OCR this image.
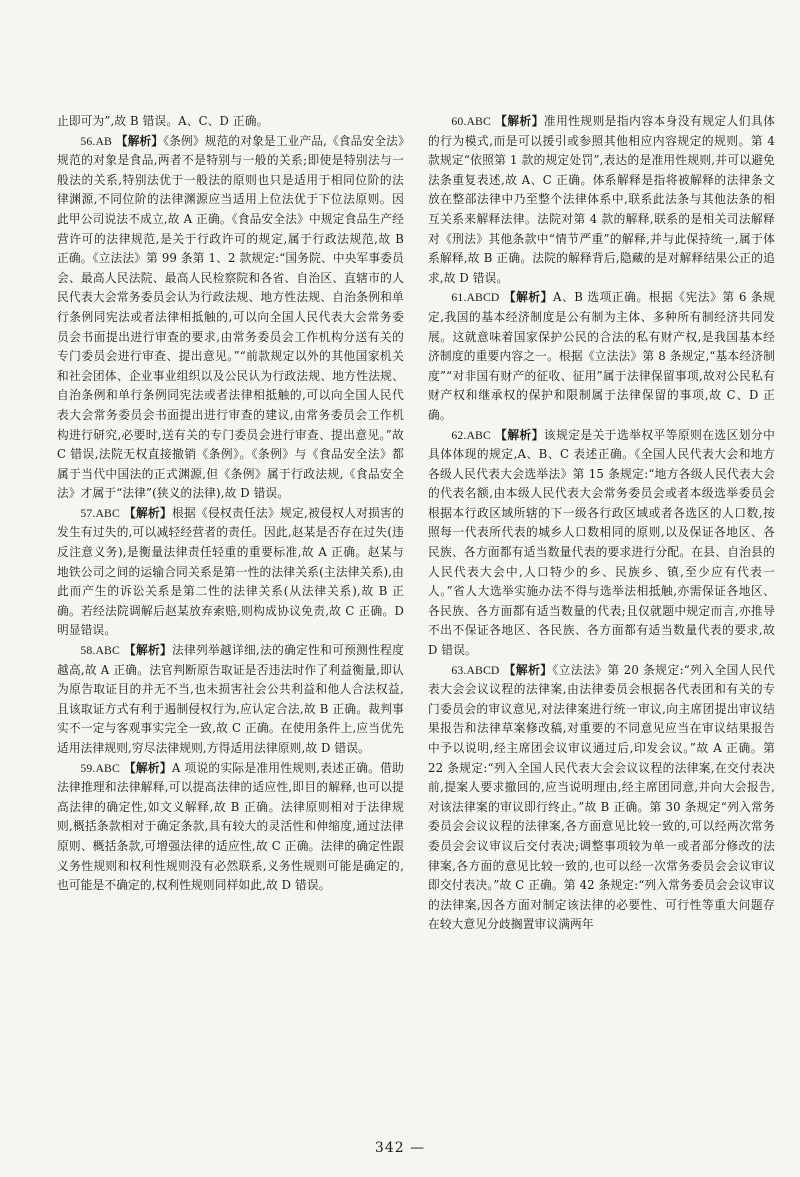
止即可为”,故 B 错误。A、C、D 正确。

56.AB 【解析】《条例》规范的对象是工业产品,《食品安全法》规范的对象是食品,两者不是特别与一般的关系;即使是特别法与一般法的关系,特别法优于一般法的原则也只是适用于相同位阶的法律渊源,不同位阶的法律渊源应当适用上位法优于下位法原则。因此甲公司说法不成立,故 A 正确。《食品安全法》中规定食品生产经营许可的法律规范,是关于行政许可的规定,属于行政法规范,故 B 正确。《立法法》第 99 条第 1、2 款规定:“国务院、中央军事委员会、最高人民法院、最高人民检察院和各省、自治区、直辖市的人民代表大会常务委员会认为行政法规、地方性法规、自治条例和单行条例同宪法或者法律相抵触的,可以向全国人民代表大会常务委员会书面提出进行审查的要求,由常务委员会工作机构分送有关的专门委员会进行审查、提出意见。”“前款规定以外的其他国家机关和社会团体、企业事业组织以及公民认为行政法规、地方性法规、自治条例和单行条例同宪法或者法律相抵触的,可以向全国人民代表大会常务委员会书面提出进行审查的建议,由常务委员会工作机构进行研究,必要时,送有关的专门委员会进行审查、提出意见。”故 C 错误,法院无权直接撤销《条例》。《条例》与《食品安全法》都属于当代中国法的正式渊源,但《条例》属于行政法规,《食品安全法》才属于“法律”(狭义的法律),故 D 错误。

57.ABC 【解析】根据《侵权责任法》规定,被侵权人对损害的发生有过失的,可以减轻经营者的责任。因此,赵某是否存在过失(违反注意义务),是衡量法律责任轻重的重要标准,故 A 正确。赵某与地铁公司之间的运输合同关系是第一性的法律关系(主法律关系),由此而产生的诉讼关系是第二性的法律关系(从法律关系),故 B 正确。若经法院调解后赵某放弃索赔,则构成协议免责,故 C 正确。D 明显错误。

58.ABC 【解析】法律列举越详细,法的确定性和可预测性程度越高,故 A 正确。法官判断原告取证是否违法时作了利益衡量,即认为原告取证目的并无不当,也未损害社会公共利益和他人合法权益,且该取证方式有利于遏制侵权行为,应认定合法,故 B 正确。裁判事实不一定与客观事实完全一致,故 C 正确。在使用条件上,应当优先适用法律规则,穷尽法律规则,方得适用法律原则,故 D 错误。

59.ABC 【解析】A 项说的实际是准用性规则,表述正确。借助法律推理和法律解释,可以提高法律的适应性,即目的解释,也可以提高法律的确定性,如文义解释,故 B 正确。法律原则相对于法律规则,概括条款相对于确定条款,具有较大的灵活性和伸缩度,通过法律原则、概括条款,可增强法律的适应性,故 C 正确。法律的确定性跟义务性规则和权利性规则没有必然联系,义务性规则可能是确定的,也可能是不确定的,权利性规则同样如此,故 D 错误。

60.ABC 【解析】准用性规则是指内容本身没有规定人们具体的行为模式,而是可以援引或参照其他相应内容规定的规则。第 4 款规定“依照第 1 款的规定处罚”,表达的是准用性规则,并可以避免法条重复表述,故 A、C 正确。体系解释是指将被解释的法律条文放在整部法律中乃至整个法律体系中,联系此法条与其他法条的相互关系来解释法律。法院对第 4 款的解释,联系的是相关司法解释对《刑法》其他条款中“情节严重”的解释,并与此保持统一,属于体系解释,故 B 正确。法院的解释背后,隐藏的是对解释结果公正的追求,故 D 错误。

61.ABCD 【解析】A、B 选项正确。根据《宪法》第 6 条规定,我国的基本经济制度是公有制为主体、多种所有制经济共同发展。这就意味着国家保护公民的合法的私有财产权,是我国基本经济制度的重要内容之一。根据《立法法》第 8 条规定,“基本经济制度”“对非国有财产的征收、征用”属于法律保留事项,故对公民私有财产权和继承权的保护和限制属于法律保留的事项,故 C、D 正确。

62.ABC 【解析】该规定是关于选举权平等原则在选区划分中具体体现的规定,A、B、C 表述正确。《全国人民代表大会和地方各级人民代表大会选举法》第 15 条规定:“地方各级人民代表大会的代表名额,由本级人民代表大会常务委员会或者本级选举委员会根据本行政区域所辖的下一级各行政区域或者各选区的人口数,按照每一代表所代表的城乡人口数相同的原则,以及保证各地区、各民族、各方面都有适当数量代表的要求进行分配。在县、自治县的人民代表大会中,人口特少的乡、民族乡、镇,至少应有代表一人。”省人大选举实施办法不得与选举法相抵触,亦需保证各地区、各民族、各方面都有适当数量的代表;且仅就题中规定而言,亦推导不出不保证各地区、各民族、各方面都有适当数量代表的要求,故 D 错误。

63.ABCD 【解析】《立法法》第 20 条规定:“列入全国人民代表大会会议议程的法律案,由法律委员会根据各代表团和有关的专门委员会的审议意见,对法律案进行统一审议,向主席团提出审议结果报告和法律草案修改稿,对重要的不同意见应当在审议结果报告中予以说明,经主席团会议审议通过后,印发会议。”故 A 正确。第 22 条规定:“列入全国人民代表大会会议议程的法律案,在交付表决前,提案人要求撤回的,应当说明理由,经主席团同意,并向大会报告,对该法律案的审议即行终止。”故 B 正确。第 30 条规定“列入常务委员会会议议程的法律案,各方面意见比较一致的,可以经两次常务委员会会议审议后交付表决;调整事项较为单一或者部分修改的法律案,各方面的意见比较一致的,也可以经一次常务委员会会议审议即交付表决。”故 C 正确。第 42 条规定:“列入常务委员会会议审议的法律案,因各方面对制定该法律的必要性、可行性等重大问题存在较大意见分歧搁置审议满两年

342 —
